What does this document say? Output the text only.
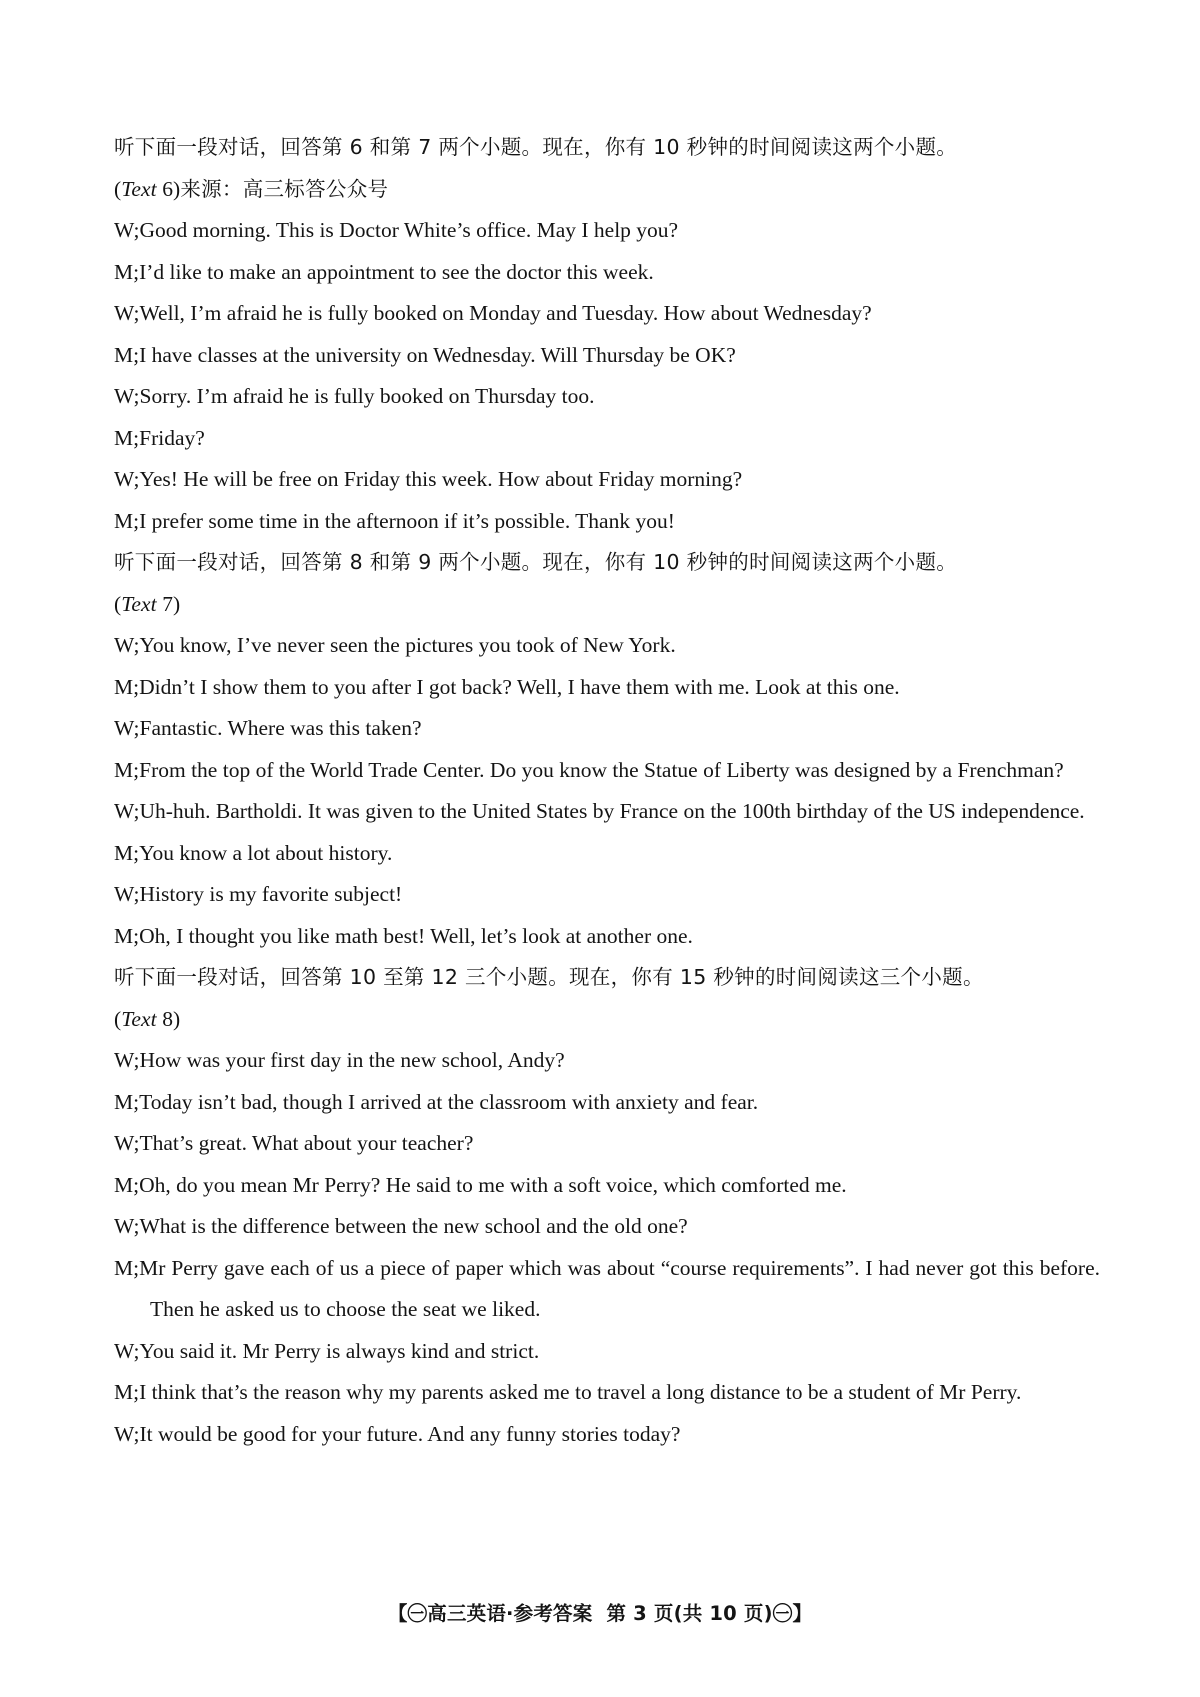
听下面一段对话，回答第 6 和第 7 两个小题。现在，你有 10 秒钟的时间阅读这两个小题。
(Text 6)来源：高三标答公众号
W;Good morning. This is Doctor White’s office. May I help you?
M;I’d like to make an appointment to see the doctor this week.
W;Well, I’m afraid he is fully booked on Monday and Tuesday. How about Wednesday?
M;I have classes at the university on Wednesday. Will Thursday be OK?
W;Sorry. I’m afraid he is fully booked on Thursday too.
M;Friday?
W;Yes! He will be free on Friday this week. How about Friday morning?
M;I prefer some time in the afternoon if it’s possible. Thank you!
听下面一段对话，回答第 8 和第 9 两个小题。现在，你有 10 秒钟的时间阅读这两个小题。
(Text 7)
W;You know, I’ve never seen the pictures you took of New York.
M;Didn’t I show them to you after I got back? Well, I have them with me. Look at this one.
W;Fantastic. Where was this taken?
M;From the top of the World Trade Center. Do you know the Statue of Liberty was designed by a Frenchman?
W;Uh-huh. Bartholdi. It was given to the United States by France on the 100th birthday of the US independence.
M;You know a lot about history.
W;History is my favorite subject!
M;Oh, I thought you like math best! Well, let’s look at another one.
听下面一段对话，回答第 10 至第 12 三个小题。现在，你有 15 秒钟的时间阅读这三个小题。
(Text 8)
W;How was your first day in the new school, Andy?
M;Today isn’t bad, though I arrived at the classroom with anxiety and fear.
W;That’s great. What about your teacher?
M;Oh, do you mean Mr Perry? He said to me with a soft voice, which comforted me.
W;What is the difference between the new school and the old one?
M;Mr Perry gave each of us a piece of paper which was about “course requirements”. I had never got this before. Then he asked us to choose the seat we liked.
W;You said it. Mr Perry is always kind and strict.
M;I think that’s the reason why my parents asked me to travel a long distance to be a student of Mr Perry.
W;It would be good for your future. And any funny stories today?
【㊀高三英语·参考答案 第 3 页(共 10 页)㊀】
